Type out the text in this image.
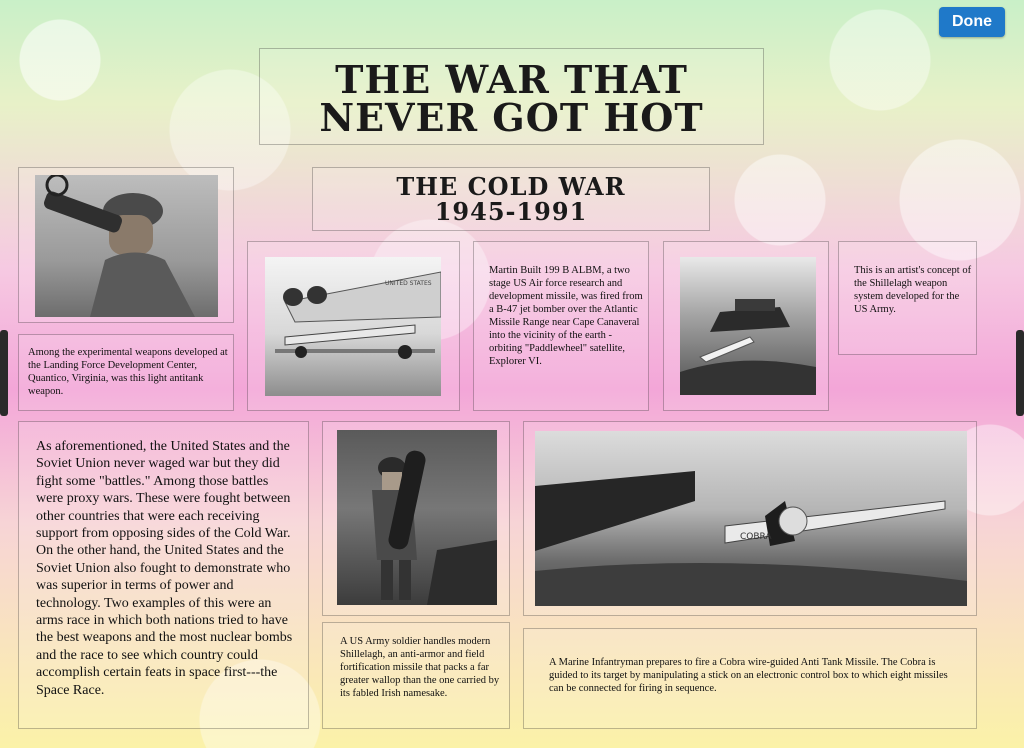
Done
THE WAR THAT
NEVER GOT HOT
THE COLD WAR
1945-1991
Among the experimental weapons developed at the Landing Force Development Center, Quantico, Virginia, was this light antitank weapon.
UNITED STATES
Martin Built 199 B ALBM, a two stage US Air force research and development missile, was fired from a B-47 jet bomber over the Atlantic Missile Range near Cape Canaveral into the vicinity of the earth -orbiting "Paddlewheel" satellite, Explorer VI.
This is an artist's concept of the Shillelagh weapon system developed for the US Army.
As aforementioned, the United States and the Soviet Union never waged war but they did fight some "battles." Among those battles were proxy wars. These were fought between other countries that were each receiving support from opposing sides of the Cold War. On the other hand, the United States and the Soviet Union also fought to demonstrate who was superior in terms of power and technology. Two examples of this were an arms race in which both nations tried to have the best weapons and the most nuclear bombs and the race to see which country could accomplish certain feats in space first---the Space Race.
A US Army soldier handles modern Shillelagh, an anti-armor and field fortification missile that packs a far greater wallop than the one carried by its fabled Irish namesake.
COBRA
A Marine Infantryman prepares to fire a Cobra wire-guided Anti Tank Missile. The Cobra is guided to its target by manipulating a stick on an electronic control box to which eight missiles can be connected for firing in sequence.
